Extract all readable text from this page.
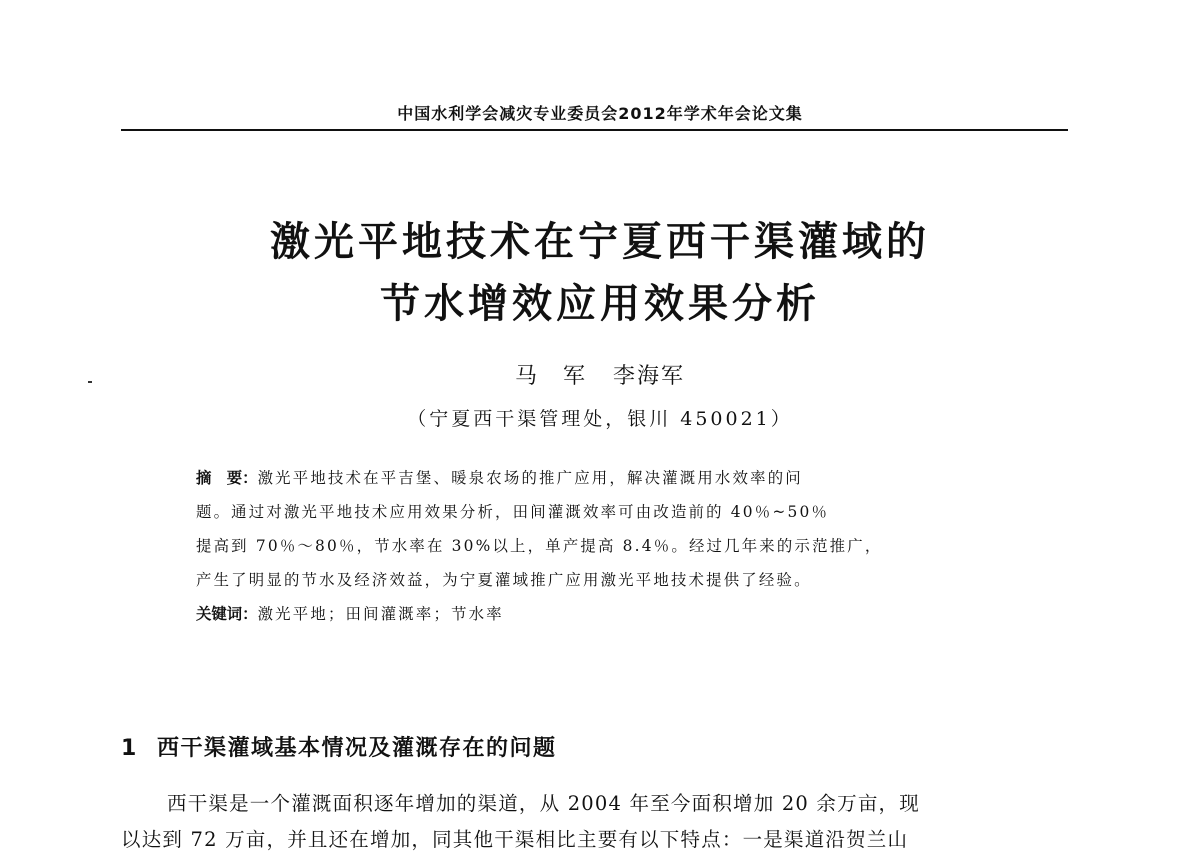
中国水利学会减灾专业委员会2012年学术年会论文集
激光平地技术在宁夏西干渠灌域的
节水增效应用效果分析
马　军 李海军
（宁夏西干渠管理处，银川 450021）

摘　要：激光平地技术在平吉堡、暖泉农场的推广应用，解决灌溉用水效率的问

题。通过对激光平地技术应用效果分析，田间灌溉效率可由改造前的 40％~50％

提高到 70％～80％，节水率在 30%以上，单产提高 8.4％。经过几年来的示范推广，

产生了明显的节水及经济效益，为宁夏灌域推广应用激光平地技术提供了经验。

关键词：激光平地；田间灌溉率；节水率

1 西干渠灌域基本情况及灌溉存在的问题

西干渠是一个灌溉面积逐年增加的渠道，从 2004 年至今面积增加 20 余万亩，现

以达到 72 万亩，并且还在增加，同其他干渠相比主要有以下特点：一是渠道沿贺兰山
